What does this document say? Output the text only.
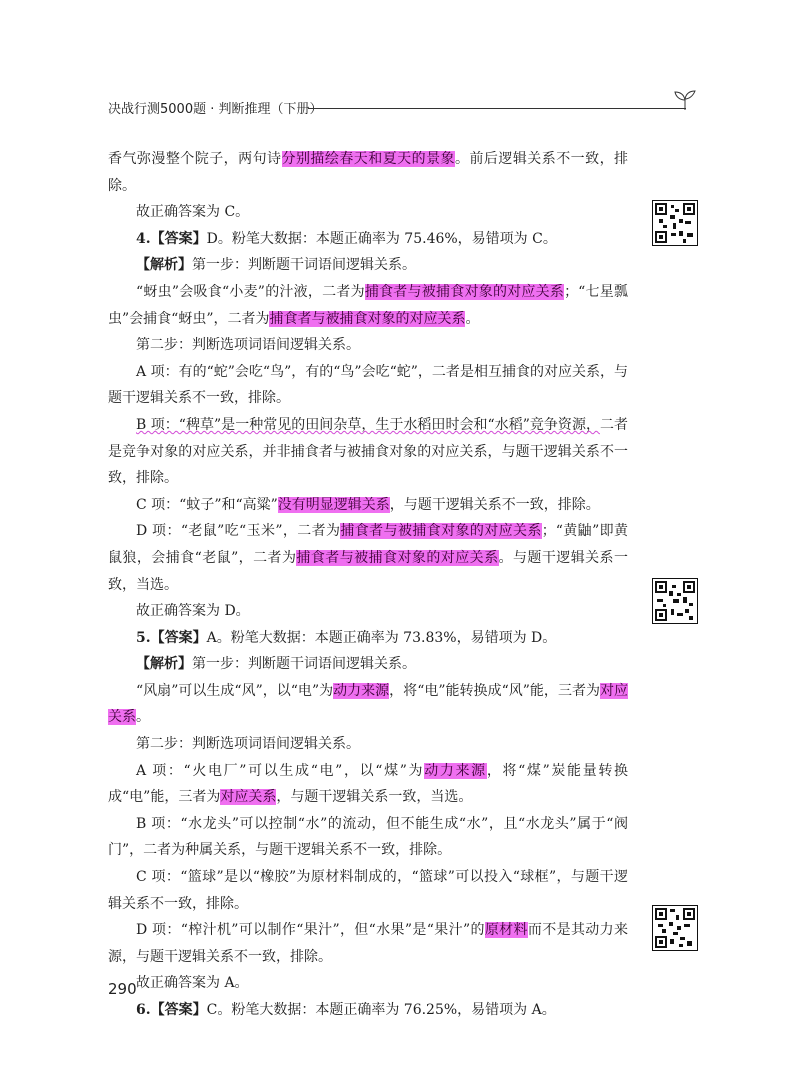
决战行测5000题 · 判断推理（下册）

香气弥漫整个院子，两句诗分别描绘春天和夏天的景象。前后逻辑关系不一致，排除。

故正确答案为 C。

4.【答案】D。粉笔大数据：本题正确率为 75.46%，易错项为 C。

【解析】第一步：判断题干词语间逻辑关系。

“蚜虫”会吸食“小麦”的汁液，二者为捕食者与被捕食对象的对应关系；“七星瓢虫”会捕食“蚜虫”，二者为捕食者与被捕食对象的对应关系。

第二步：判断选项词语间逻辑关系。

A 项：有的“蛇”会吃“鸟”，有的“鸟”会吃“蛇”，二者是相互捕食的对应关系，与题干逻辑关系不一致，排除。

B 项：“稗草”是一种常见的田间杂草，生于水稻田时会和“水稻”竞争资源，二者是竞争对象的对应关系，并非捕食者与被捕食对象的对应关系，与题干逻辑关系不一致，排除。

C 项：“蚊子”和“高粱”没有明显逻辑关系，与题干逻辑关系不一致，排除。

D 项：“老鼠”吃“玉米”，二者为捕食者与被捕食对象的对应关系；“黄鼬”即黄鼠狼，会捕食“老鼠”，二者为捕食者与被捕食对象的对应关系。与题干逻辑关系一致，当选。

故正确答案为 D。

5.【答案】A。粉笔大数据：本题正确率为 73.83%，易错项为 D。

【解析】第一步：判断题干词语间逻辑关系。

“风扇”可以生成“风”，以“电”为动力来源，将“电”能转换成“风”能，三者为对应关系。

第二步：判断选项词语间逻辑关系。

A 项：“火电厂”可以生成“电”，以“煤”为动力来源，将“煤”炭能量转换成“电”能，三者为对应关系，与题干逻辑关系一致，当选。

B 项：“水龙头”可以控制“水”的流动，但不能生成“水”，且“水龙头”属于“阀门”，二者为种属关系，与题干逻辑关系不一致，排除。

C 项：“篮球”是以“橡胶”为原材料制成的，“篮球”可以投入“球框”，与题干逻辑关系不一致，排除。

D 项：“榨汁机”可以制作“果汁”，但“水果”是“果汁”的原材料而不是其动力来源，与题干逻辑关系不一致，排除。

故正确答案为 A。

6.【答案】C。粉笔大数据：本题正确率为 76.25%，易错项为 A。

290
